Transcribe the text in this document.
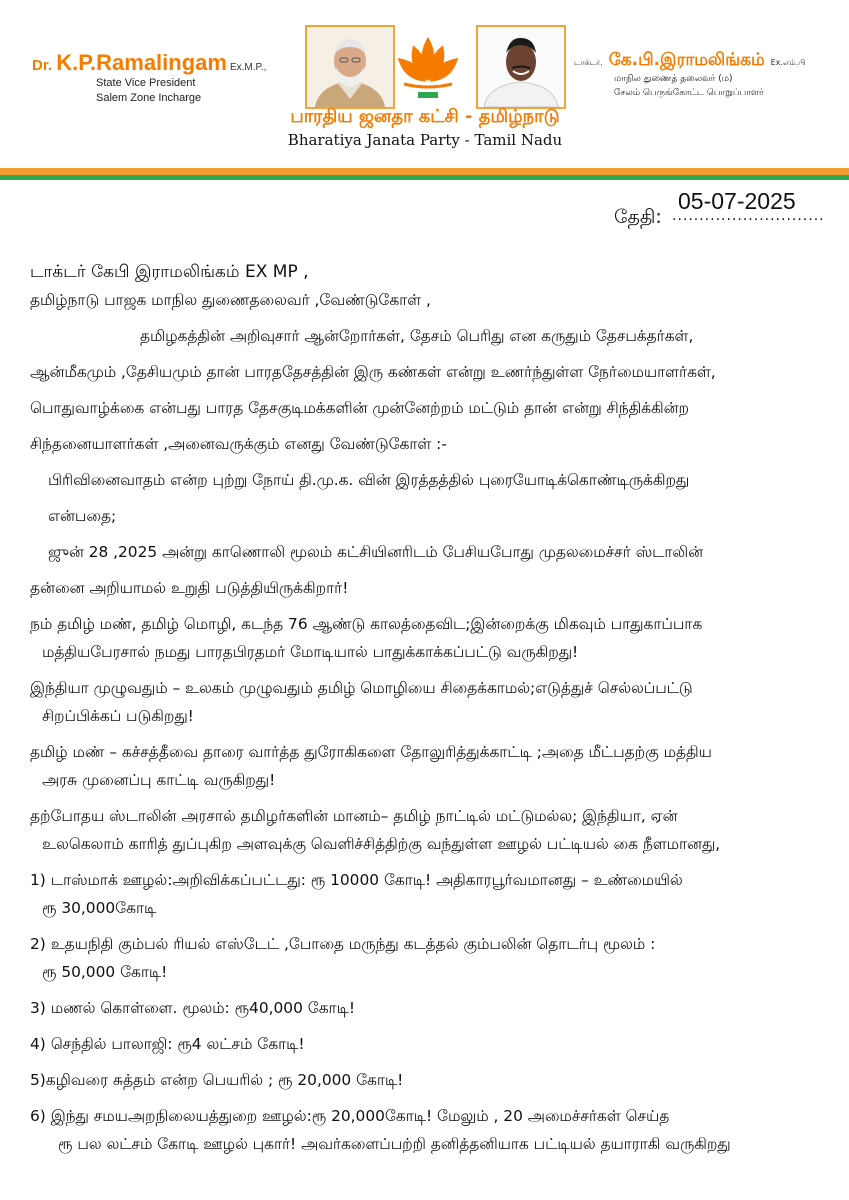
Dr. K.P.Ramalingam Ex.M.P.,
State Vice President
Salem Zone Incharge
டாக்டர். கே.பி.இராமலிங்கம் Ex.எம்.பி
மாநில துணைத் தலைவர் (ம)
சேலம் பெருங்கோட்ட பொறுப்பாளர்
பாரதிய ஜனதா கட்சி - தமிழ்நாடு
Bharatiya Janata Party - Tamil Nadu
05-07-2025
தேதி: ............................

டாக்டர் கேபி இராமலிங்கம் EX MP ,

தமிழ்நாடு பாஜக மாநில துணைதலைவர் ,வேண்டுகோள் ,

தமிழகத்தின் அறிவுசார் ஆன்றோர்கள், தேசம் பெரிது என கருதும் தேசபக்தர்கள்,

ஆன்மீகமும் ,தேசியமும் தான் பாரததேசத்தின் இரு கண்கள் என்று உணர்ந்துள்ள நேர்மையாளர்கள்,

பொதுவாழ்க்கை என்பது பாரத தேசகுடிமக்களின் முன்னேற்றம் மட்டும் தான் என்று சிந்திக்கின்ற

சிந்தனையாளர்கள் ,அனைவருக்கும் எனது வேண்டுகோள் :-

பிரிவினைவாதம் என்ற புற்று நோய் தி.மு.க. வின் இரத்தத்தில் புரையோடிக்கொண்டிருக்கிறது

என்பதை;

ஜுன் 28 ,2025 அன்று காணொலி மூலம் கட்சியினரிடம் பேசியபோது முதலமைச்சர் ஸ்டாலின்

தன்னை அறியாமல் உறுதி படுத்தியிருக்கிறார்!

நம் தமிழ் மண், தமிழ் மொழி, கடந்த 76 ஆண்டு காலத்தைவிட;இன்றைக்கு மிகவும் பாதுகாப்பாக

மத்தியபேரசால் நமது பாரதபிரதமர் மோடியால் பாதுக்காக்கப்பட்டு வருகிறது!

இந்தியா முழுவதும் – உலகம் முழுவதும் தமிழ் மொழியை சிதைக்காமல்;எடுத்துச் செல்லப்பட்டு

சிறப்பிக்கப் படுகிறது!

தமிழ் மண் – கச்சத்தீவை தாரை வார்த்த துரோகிகளை தோலுரித்துக்காட்டி ;அதை மீட்பதற்கு மத்திய

அரசு முனைப்பு காட்டி வருகிறது!

தற்போதய ஸ்டாலின் அரசால் தமிழர்களின் மானம்– தமிழ் நாட்டில் மட்டுமல்ல; இந்தியா, ஏன்

உலகெலாம் காரித் துப்புகிற அளவுக்கு வெளிச்சித்திற்கு வந்துள்ள ஊழல் பட்டியல் கை நீளமானது,

1) டாஸ்மாக் ஊழல்:அறிவிக்கப்பட்டது: ரூ 10000 கோடி! அதிகாரபூர்வமானது – உண்மையில்

ரூ 30,000கோடி

2) உதயநிதி கும்பல் ரியல் எஸ்டேட் ,போதை மருந்து கடத்தல் கும்பலின் தொடர்பு மூலம் :

ரூ 50,000 கோடி!

3) மணல் கொள்ளை. மூலம்: ரூ40,000 கோடி!

4) செந்தில் பாலாஜி: ரூ4 லட்சம் கோடி!

5)கழிவரை சுத்தம் என்ற பெயரில் ; ரூ 20,000 கோடி!

6) இந்து சமயஅறநிலையத்துறை ஊழல்:ரூ 20,000கோடி! மேலும் , 20 அமைச்சர்கள் செய்த

ரூ பல லட்சம் கோடி ஊழல் புகார்! அவர்களைப்பற்றி தனித்தனியாக பட்டியல் தயாராகி வருகிறது
